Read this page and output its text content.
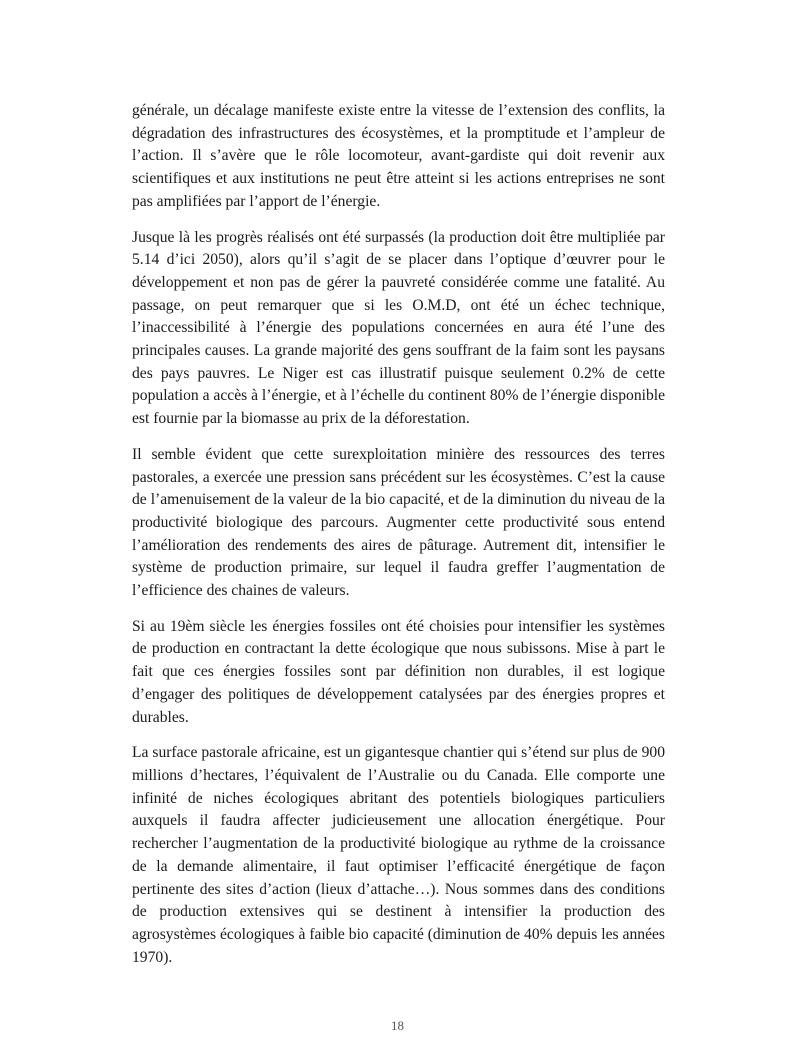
générale, un décalage manifeste existe entre la vitesse de l’extension des conflits, la dégradation des infrastructures des écosystèmes, et la promptitude et l’ampleur de l’action. Il s’avère que le rôle locomoteur, avant-gardiste qui doit revenir aux scientifiques et aux institutions ne peut être atteint si les actions entreprises ne sont pas amplifiées par l’apport de l’énergie.

Jusque là les progrès réalisés ont été surpassés (la production doit être multipliée par 5.14 d’ici 2050), alors qu’il s’agit de se placer dans l’optique d’œuvrer pour le développement et non pas de gérer la pauvreté considérée comme une fatalité. Au passage, on peut remarquer que si les O.M.D, ont été un échec technique, l’inaccessibilité à l’énergie des populations concernées en aura été l’une des principales causes. La grande majorité des gens souffrant de la faim sont les paysans des pays pauvres. Le Niger est cas illustratif puisque seulement 0.2% de cette population a accès à l’énergie, et à l’échelle du continent 80% de l’énergie disponible est fournie par la biomasse au prix de la déforestation.

Il semble évident que cette surexploitation minière des ressources des terres pastorales, a exercée une pression sans précédent sur les écosystèmes. C’est la cause de l’amenuisement de la valeur de la bio capacité, et de la diminution du niveau de la productivité biologique des parcours. Augmenter cette productivité sous entend l’amélioration des rendements des aires de pâturage. Autrement dit, intensifier le système de production primaire, sur lequel il faudra greffer l’augmentation de l’efficience des chaines de valeurs.

Si au 19èm siècle les énergies fossiles ont été choisies pour intensifier les systèmes de production en contractant la dette écologique que nous subissons. Mise à part le fait que ces énergies fossiles sont par définition non durables, il est logique d’engager des politiques de développement catalysées par des énergies propres et durables.

La surface pastorale africaine, est un gigantesque chantier qui s’étend sur plus de 900 millions d’hectares, l’équivalent de l’Australie ou du Canada. Elle comporte une infinité de niches écologiques abritant des potentiels biologiques particuliers auxquels il faudra affecter judicieusement une allocation énergétique. Pour rechercher l’augmentation de la productivité biologique au rythme de la croissance de la demande alimentaire, il faut optimiser l’efficacité énergétique de façon pertinente des sites d’action (lieux d’attache…). Nous sommes dans des conditions de production extensives qui se destinent à intensifier la production des agrosystèmes écologiques à faible bio capacité (diminution de 40% depuis les années 1970).

18
